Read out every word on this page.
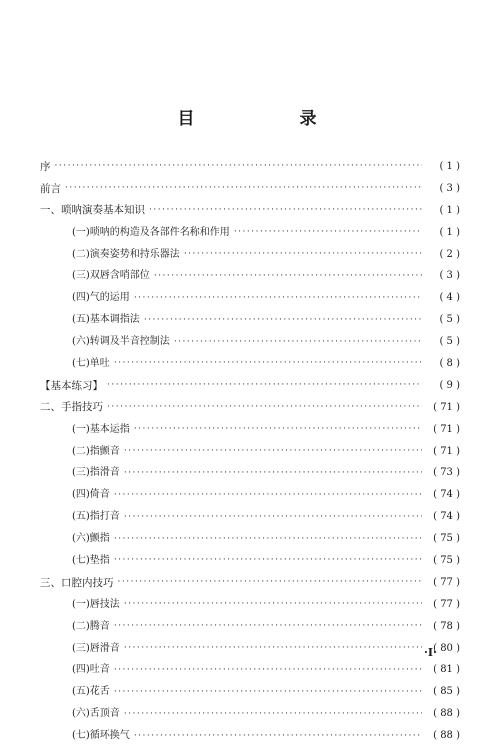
目　录
序 ·····	( 1 )
前言 ·····	( 3 )
一、唢呐演奏基本知识 ·····	( 1 )
(一)唢呐的构造及各部件名称和作用 ·····	( 1 )
(二)演奏姿势和持乐器法 ·····	( 2 )
(三)双唇含哨部位 ·····	( 3 )
(四)气的运用 ·····	( 4 )
(五)基本调指法 ·····	( 5 )
(六)转调及半音控制法 ·····	( 5 )
(七)单吐 ·····	( 8 )
【基本练习】 ·····	( 9 )
二、手指技巧 ·····	( 71 )
(一)基本运指 ·····	( 71 )
(二)指颤音 ·····	( 71 )
(三)指滑音 ·····	( 73 )
(四)倚音 ·····	( 74 )
(五)指打音 ·····	( 74 )
(六)颤指 ·····	( 75 )
(七)垫指 ·····	( 75 )
三、口腔内技巧 ·····	( 77 )
(一)唇技法 ·····	( 77 )
(二)腾音 ·····	( 78 )
(三)唇滑音 ·····	( 80 )
(四)吐音 ·····	( 81 )
(五)花舌 ·····	( 85 )
(六)舌顶音 ·····	( 88 )
(七)循环换气 ·····	( 88 )
·Ⅰ·
